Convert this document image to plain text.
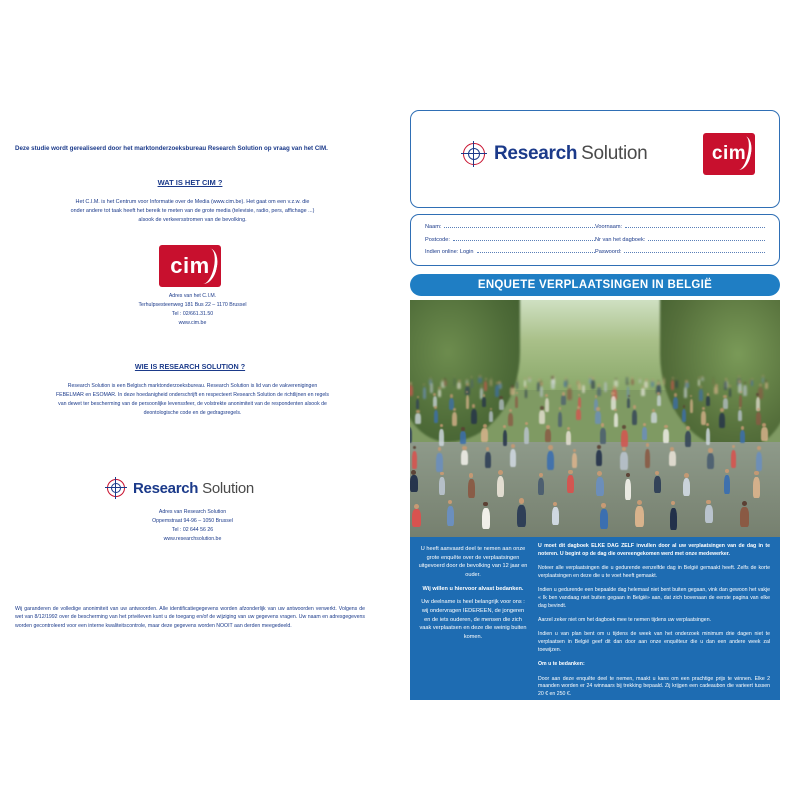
Deze studie wordt gerealiseerd door het marktonderzoeksbureau Research Solution op vraag van het CIM.
WAT IS HET CIM ?
Het C.I.M. is het Centrum voor Informatie over de Media (www.cim.be). Het gaat om een v.z.w. die onder andere tot taak heeft het bereik te meten van de grote media (televisie, radio, pers, affichage ...) alsook de verkeersstromen van de bevolking.
cim
Adres van het C.I.M.
Terhulpsesteenweg 181 Bus 22 – 1170 Brussel
Tel : 02/661.31.50
www.cim.be
WIE IS RESEARCH SOLUTION ?
Research Solution is een Belgisch marktonderzoeksbureau. Research Solution is lid van de vakverenigingen FEBELMAR en ESOMAR. In deze hoedanigheid onderschrijft en respecteert Research Solution de richtlijnen en regels van dewet ter bescherming van de persoonlijke levenssfeer, de volstrekte anonimiteit van de respondenten alsook de deontologische code en de gedragsregels.
Research Solution
Adres van Research Solution
Oppemstraat 94-96 – 1050 Brussel
Tel : 02 644 56 26
www.researchsolution.be
Wij garanderen de volledige anonimiteit van uw antwoorden. Alle identificatiegegevens worden afzonderlijk van uw antwoorden verwerkt. Volgens de wet van 8/12/1992 over de bescherming van het privéleven kunt u de toegang en/of de wijziging van uw gegevens vragen. Uw naam en adresgegevens worden gecontroleerd voor een interne kwaliteitscontrole, maar deze gegevens worden NOOIT aan derden meegedeeld.
Research Solution	cim
Naam:	Voornaam:
Postcode:	Nr van het dagboek:
Indien online: Login	Paswoord:
ENQUETE VERPLAATSINGEN IN BELGIË

U heeft aanvaard deel te nemen aan onze grote enquête over de verplaatsingen uitgevoerd door de bevolking van 12 jaar en ouder.

Wij willen u hiervoor alvast bedanken.

Uw deelname is heel belangrijk voor ons : wij ondervragen IEDEREEN, de jongeren en de iets ouderen, de mensen die zich vaak verplaatsen en deze die weinig buiten komen.

U moet dit dagboek ELKE DAG ZELF invullen door al uw verplaatsingen van de dag in te noteren. U begint op de dag die overeengekomen werd met onze medewerker.

Noteer alle verplaatsingen die u gedurende eenzelfde dag in België gemaakt heeft. Zelfs de korte verplaatsingen en deze die u te voet heeft gemaakt.

Indien u gedurende een bepaalde dag helemaal niet bent buiten gegaan, vink dan gewoon het vakje « Ik ben vandaag niet buiten gegaan in België» aan, dat zich bovenaan de eerste pagina van elke dag bevindt.

Aarzel zeker niet om het dagboek mee te nemen tijdens uw verplaatsingen.

Indien u van plan bent om u tijdens de week van het onderzoek minimum drie dagen niet te verplaatsen in België geef dit dan door aan onze enquêteur die u dan een andere week zal toewijzen.

Om u te bedanken:

Door aan deze enquête deel te nemen, maakt u kans om een prachtige prijs te winnen. Elke 2 maanden worden er 24 winnaars bij trekking bepaald. Zij krijgen een cadeaubon die varieert tussen 20 € en 250 €.
